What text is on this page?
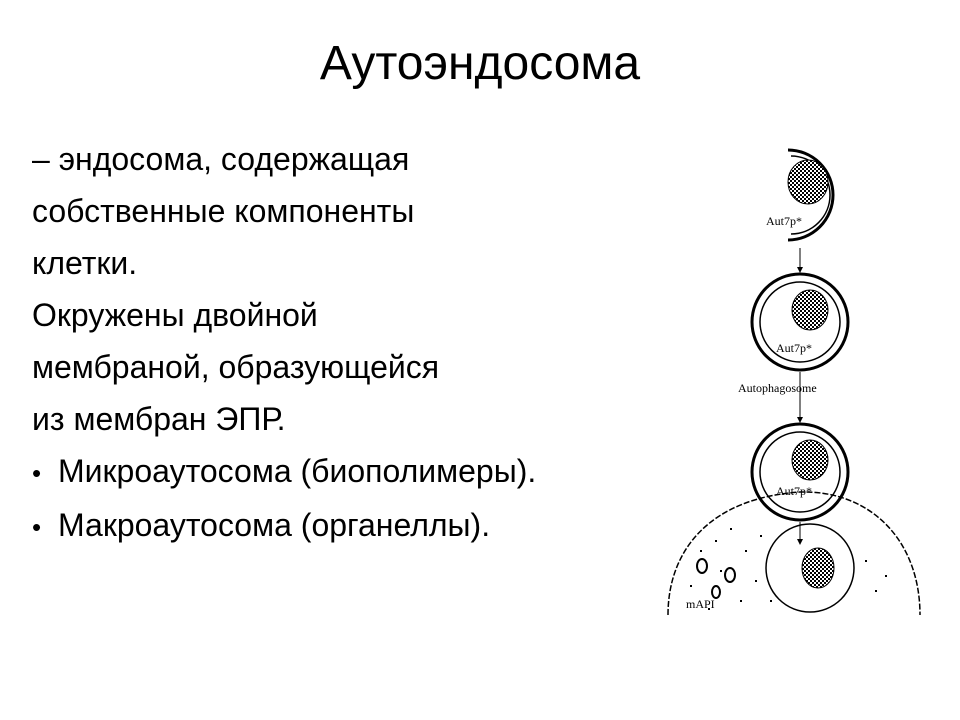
Аутоэндосома
– эндосома, содержащая
собственные компоненты
клетки.
Окружены двойной
мембраной, образующейся
из мембран ЭПР.
• Микроаутосома (биополимеры).
• Макроаутосома (органеллы).
Aut7p*
Aut7p*
Autophagosome
Aut7p*
mAPI
